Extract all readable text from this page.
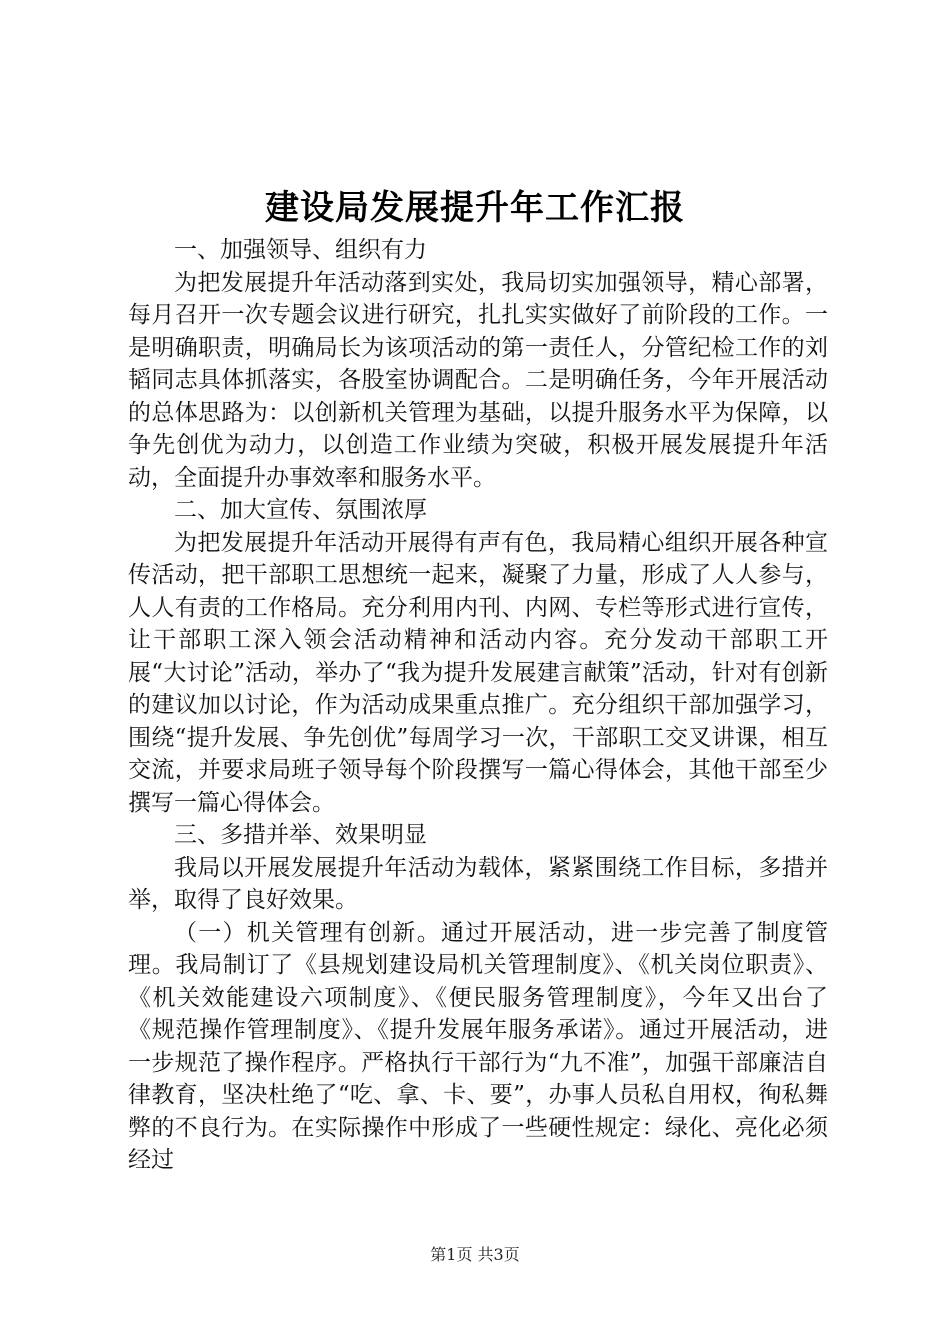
建设局发展提升年工作汇报

一、加强领导、组织有力

为把发展提升年活动落到实处，我局切实加强领导，精心部署，每月召开一次专题会议进行研究，扎扎实实做好了前阶段的工作。一是明确职责，明确局长为该项活动的第一责任人，分管纪检工作的刘韬同志具体抓落实，各股室协调配合。二是明确任务，今年开展活动的总体思路为：以创新机关管理为基础，以提升服务水平为保障，以争先创优为动力，以创造工作业绩为突破，积极开展发展提升年活动，全面提升办事效率和服务水平。

二、加大宣传、氛围浓厚

为把发展提升年活动开展得有声有色，我局精心组织开展各种宣传活动，把干部职工思想统一起来，凝聚了力量，形成了人人参与，人人有责的工作格局。充分利用内刊、内网、专栏等形式进行宣传，让干部职工深入领会活动精神和活动内容。充分发动干部职工开展“大讨论”活动，举办了“我为提升发展建言献策”活动，针对有创新的建议加以讨论，作为活动成果重点推广。充分组织干部加强学习，围绕“提升发展、争先创优”每周学习一次，干部职工交叉讲课，相互交流，并要求局班子领导每个阶段撰写一篇心得体会，其他干部至少撰写一篇心得体会。

三、多措并举、效果明显

我局以开展发展提升年活动为载体，紧紧围绕工作目标，多措并举，取得了良好效果。

（一）机关管理有创新。通过开展活动，进一步完善了制度管理。我局制订了《县规划建设局机关管理制度》、《机关岗位职责》、《机关效能建设六项制度》、《便民服务管理制度》，今年又出台了《规范操作管理制度》、《提升发展年服务承诺》。通过开展活动，进一步规范了操作程序。严格执行干部行为“九不准”，加强干部廉洁自律教育，坚决杜绝了“吃、拿、卡、要”，办事人员私自用权，徇私舞弊的不良行为。在实际操作中形成了一些硬性规定：绿化、亮化必须经过

第1页 共3页
